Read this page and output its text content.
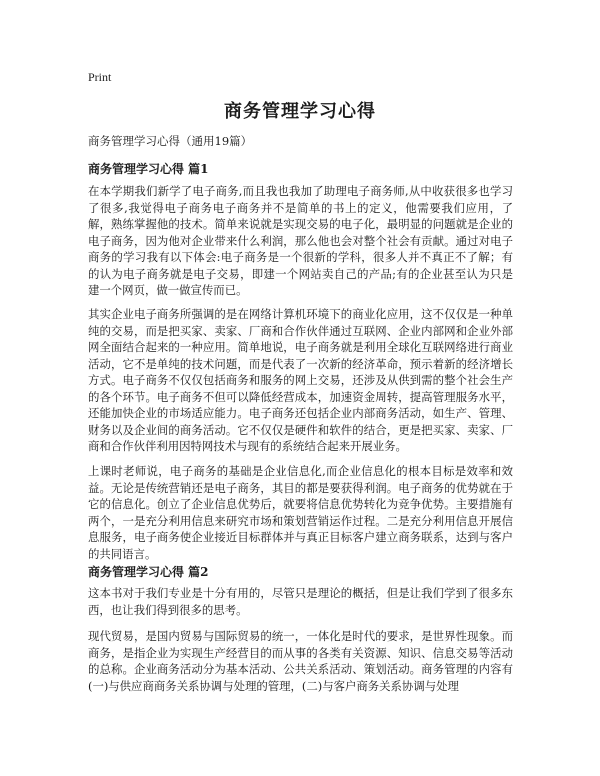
Print
商务管理学习心得

商务管理学习心得（通用19篇）

商务管理学习心得 篇1

在本学期我们新学了电子商务,而且我也我加了助理电子商务师,从中收获很多也学习了很多,我觉得电子商务电子商务并不是简单的书上的定义，他需要我们应用，了解，熟练掌握他的技术。简单来说就是实现交易的电子化，最明显的问题就是企业的电子商务，因为他对企业带来什么利润，那么他也会对整个社会有贡献。通过对电子商务的学习我有以下体会:电子商务是一个很新的学科，很多人并不真正不了解；有的认为电子商务就是电子交易，即建一个网站卖自己的产品;有的企业甚至认为只是建一个网页，做一做宣传而已。

其实企业电子商务所强调的是在网络计算机环境下的商业化应用，这不仅仅是一种单纯的交易，而是把买家、卖家、厂商和合作伙伴通过互联网、企业内部网和企业外部网全面结合起来的一种应用。简单地说，电子商务就是利用全球化互联网络进行商业活动，它不是单纯的技术问题，而是代表了一次新的经济革命，预示着新的经济增长方式。电子商务不仅仅包括商务和服务的网上交易，还涉及从供到需的整个社会生产的各个环节。电子商务不但可以降低经营成本，加速资金周转，提高管理服务水平，还能加快企业的市场适应能力。电子商务还包括企业内部商务活动，如生产、管理、财务以及企业间的商务活动。它不仅仅是硬件和软件的结合，更是把买家、卖家、厂商和合作伙伴利用因特网技术与现有的系统结合起来开展业务。

上课时老师说，电子商务的基础是企业信息化,而企业信息化的根本目标是效率和效益。无论是传统营销还是电子商务，其目的都是要获得利润。电子商务的优势就在于它的信息化。创立了企业信息优势后，就要将信息优势转化为竞争优势。主要措施有两个，一是充分利用信息来研究市场和策划营销运作过程。二是充分利用信息开展信息服务，电子商务使企业接近目标群体并与真正目标客户建立商务联系，达到与客户的共同语言。

商务管理学习心得 篇2

这本书对于我们专业是十分有用的，尽管只是理论的概括，但是让我们学到了很多东西，也让我们得到很多的思考。

现代贸易，是国内贸易与国际贸易的统一，一体化是时代的要求，是世界性现象。而商务，是指企业为实现生产经营目的而从事的各类有关资源、知识、信息交易等活动的总称。企业商务活动分为基本活动、公共关系活动、策划活动。商务管理的内容有(一)与供应商商务关系协调与处理的管理，(二)与客户商务关系协调与处理
